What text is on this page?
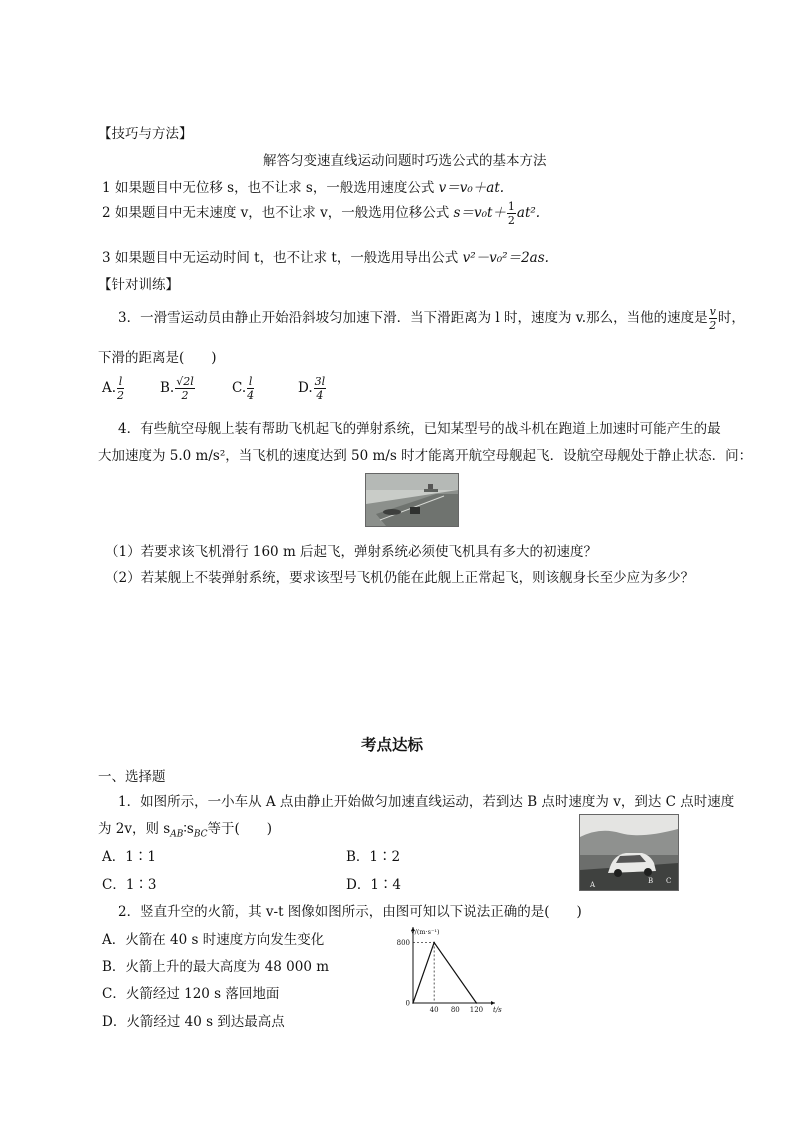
【技巧与方法】
解答匀变速直线运动问题时巧选公式的基本方法
1 如果题目中无位移 s，也不让求 s，一般选用速度公式 v＝v₀＋at.
2 如果题目中无末速度 v，也不让求 v，一般选用位移公式 $s=v_0t+ \frac{1}{2} at^2$.
3 如果题目中无运动时间 t，也不让求 t，一般选用导出公式 v²－v₀²＝2as.
【针对训练】
3．一滑雪运动员由静止开始沿斜坡匀加速下滑．当下滑距离为 l 时，速度为 v.那么，当他的速度是 $\frac{v}{2}$ 时，
下滑的距离是(　　)
A. $\frac{l}{2}$	B. $\frac{√2l}{2}$	C. $\frac{l}{4}$	D. $\frac{3l}{4}$
4．有些航空母舰上装有帮助飞机起飞的弹射系统，已知某型号的战斗机在跑道上加速时可能产生的最
大加速度为 5.0 m/s²，当飞机的速度达到 50 m/s 时才能离开航空母舰起飞．设航空母舰处于静止状态．问：
（1）若要求该飞机滑行 160 m 后起飞，弹射系统必须使飞机具有多大的初速度？
（2）若某舰上不装弹射系统，要求该型号飞机仍能在此舰上正常起飞，则该舰身长至少应为多少？
考点达标
一、选择题
1．如图所示，一小车从 A 点由静止开始做匀加速直线运动，若到达 B 点时速度为 v，到达 C 点时速度
为 2v，则 $s_{AB}∶s_{BC}$等于(　　)
A．1∶1	B．1∶2
C．1∶3	D．1∶4	A	B C
2．竖直升空的火箭，其 v-t 图像如图所示，由图可知以下说法正确的是(　　)
A．火箭在 40 s 时速度方向发生变化
B．火箭上升的最大高度为 48 000 m
C．火箭经过 120 s 落回地面
D．火箭经过 40 s 到达最高点
v/(m·s⁻¹)
t/s
40 80 120
0
800
